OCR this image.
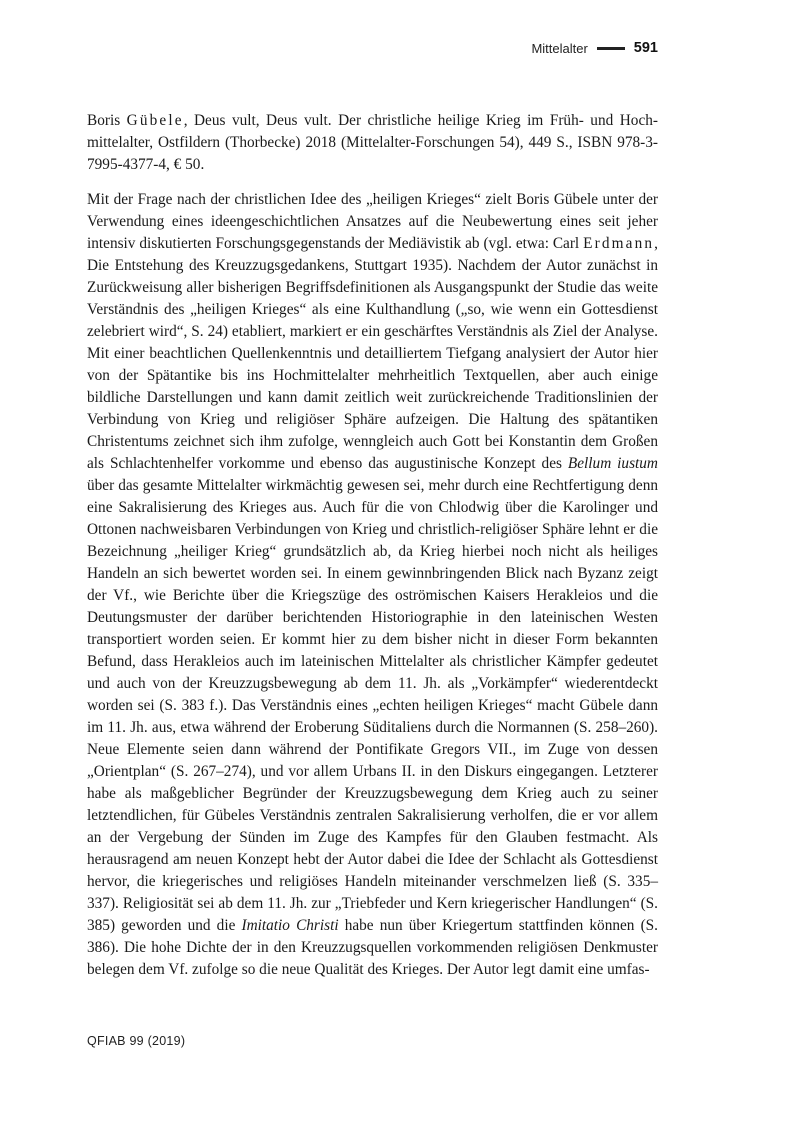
Mittelalter	591

Boris Gübele, Deus vult, Deus vult. Der christliche heilige Krieg im Früh- und Hochmittelalter, Ostfildern (Thorbecke) 2018 (Mittelalter-Forschungen 54), 449 S., ISBN 978-3-7995-4377-4, € 50.

Mit der Frage nach der christlichen Idee des „heiligen Krieges“ zielt Boris Gübele unter der Verwendung eines ideengeschichtlichen Ansatzes auf die Neubewertung eines seit jeher intensiv diskutierten Forschungsgegenstands der Mediävistik ab (vgl. etwa: Carl Erdmann, Die Entstehung des Kreuzzugsgedankens, Stuttgart 1935). Nachdem der Autor zunächst in Zurückweisung aller bisherigen Begriffsdefinitionen als Ausgangspunkt der Studie das weite Verständnis des „heiligen Krieges“ als eine Kulthandlung („so, wie wenn ein Gottesdienst zelebriert wird“, S. 24) etabliert, markiert er ein geschärftes Verständnis als Ziel der Analyse. Mit einer beachtlichen Quellenkenntnis und detailliertem Tiefgang analysiert der Autor hier von der Spätantike bis ins Hochmittelalter mehrheitlich Textquellen, aber auch einige bildliche Darstellungen und kann damit zeitlich weit zurückreichende Traditionslinien der Verbindung von Krieg und religiöser Sphäre aufzeigen. Die Haltung des spätantiken Christentums zeichnet sich ihm zufolge, wenngleich auch Gott bei Konstantin dem Großen als Schlachtenhelfer vorkomme und ebenso das augustinische Konzept des Bellum iustum über das gesamte Mittelalter wirkmächtig gewesen sei, mehr durch eine Rechtfertigung denn eine Sakralisierung des Krieges aus. Auch für die von Chlodwig über die Karolinger und Ottonen nachweisbaren Verbindungen von Krieg und christlich-religiöser Sphäre lehnt er die Bezeichnung „heiliger Krieg“ grundsätzlich ab, da Krieg hierbei noch nicht als heiliges Handeln an sich bewertet worden sei. In einem gewinnbringenden Blick nach Byzanz zeigt der Vf., wie Berichte über die Kriegszüge des oströmischen Kaisers Herakleios und die Deutungsmuster der darüber berichtenden Historiographie in den lateinischen Westen transportiert worden seien. Er kommt hier zu dem bisher nicht in dieser Form bekannten Befund, dass Herakleios auch im lateinischen Mittelalter als christlicher Kämpfer gedeutet und auch von der Kreuzzugsbewegung ab dem 11. Jh. als „Vorkämpfer“ wiederentdeckt worden sei (S. 383 f.). Das Verständnis eines „echten heiligen Krieges“ macht Gübele dann im 11. Jh. aus, etwa während der Eroberung Süditaliens durch die Normannen (S. 258–260). Neue Elemente seien dann während der Pontifikate Gregors VII., im Zuge von dessen „Orientplan“ (S. 267–274), und vor allem Urbans II. in den Diskurs eingegangen. Letzterer habe als maßgeblicher Begründer der Kreuzzugsbewegung dem Krieg auch zu seiner letztendlichen, für Gübeles Verständnis zentralen Sakralisierung verholfen, die er vor allem an der Vergebung der Sünden im Zuge des Kampfes für den Glauben festmacht. Als herausragend am neuen Konzept hebt der Autor dabei die Idee der Schlacht als Gottesdienst hervor, die kriegerisches und religiöses Handeln miteinander verschmelzen ließ (S. 335–337). Religiosität sei ab dem 11. Jh. zur „Triebfeder und Kern kriegerischer Handlungen“ (S. 385) geworden und die Imitatio Christi habe nun über Kriegertum stattfinden können (S. 386). Die hohe Dichte der in den Kreuzzugsquellen vorkommenden religiösen Denkmuster belegen dem Vf. zufolge so die neue Qualität des Krieges. Der Autor legt damit eine umfas-

QFIAB 99 (2019)
